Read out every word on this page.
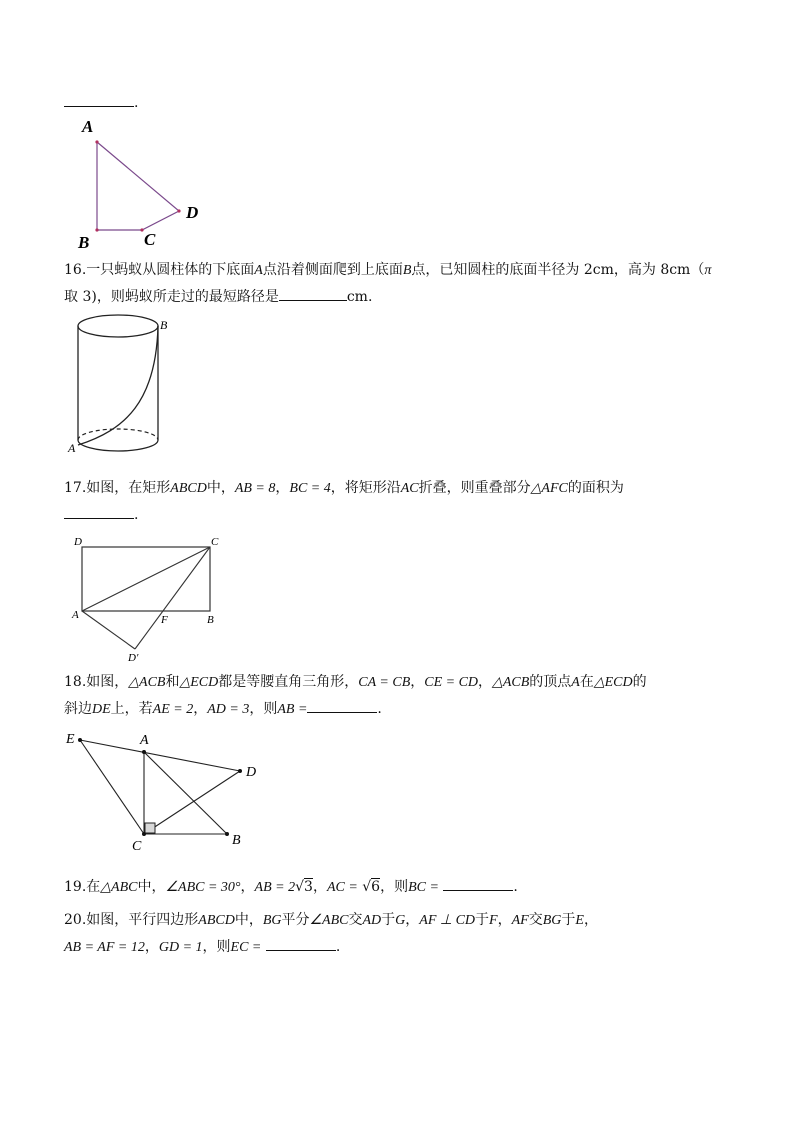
.
A
B	C
D
16.一只蚂蚁从圆柱体的下底面A点沿着侧面爬到上底面B点，已知圆柱的底面半径为 2cm，高为 8cm（π
取 3)，则蚂蚁所走过的最短路径是	cm.
B
A
17.如图，在矩形ABCD中，AB = 8，BC = 4，将矩形沿AC折叠，则重叠部分△AFC的面积为
.
D	C
A	F	B
D′
18.如图，△ACB和△ECD都是等腰直角三角形，CA = CB，CE = CD，△ACB的顶点A在△ECD的
斜边DE上，若AE = 2，AD = 3，则AB =	.
E	A
D
C	B
19.在△ABC中，∠ABC = 30°，AB = 2√3，AC = √6，则BC =	.
20.如图，平行四边形ABCD中，BG平分∠ABC交AD于G，AF ⊥ CD于F，AF交BG于E，
AB = AF = 12，GD = 1，则EC =	.
